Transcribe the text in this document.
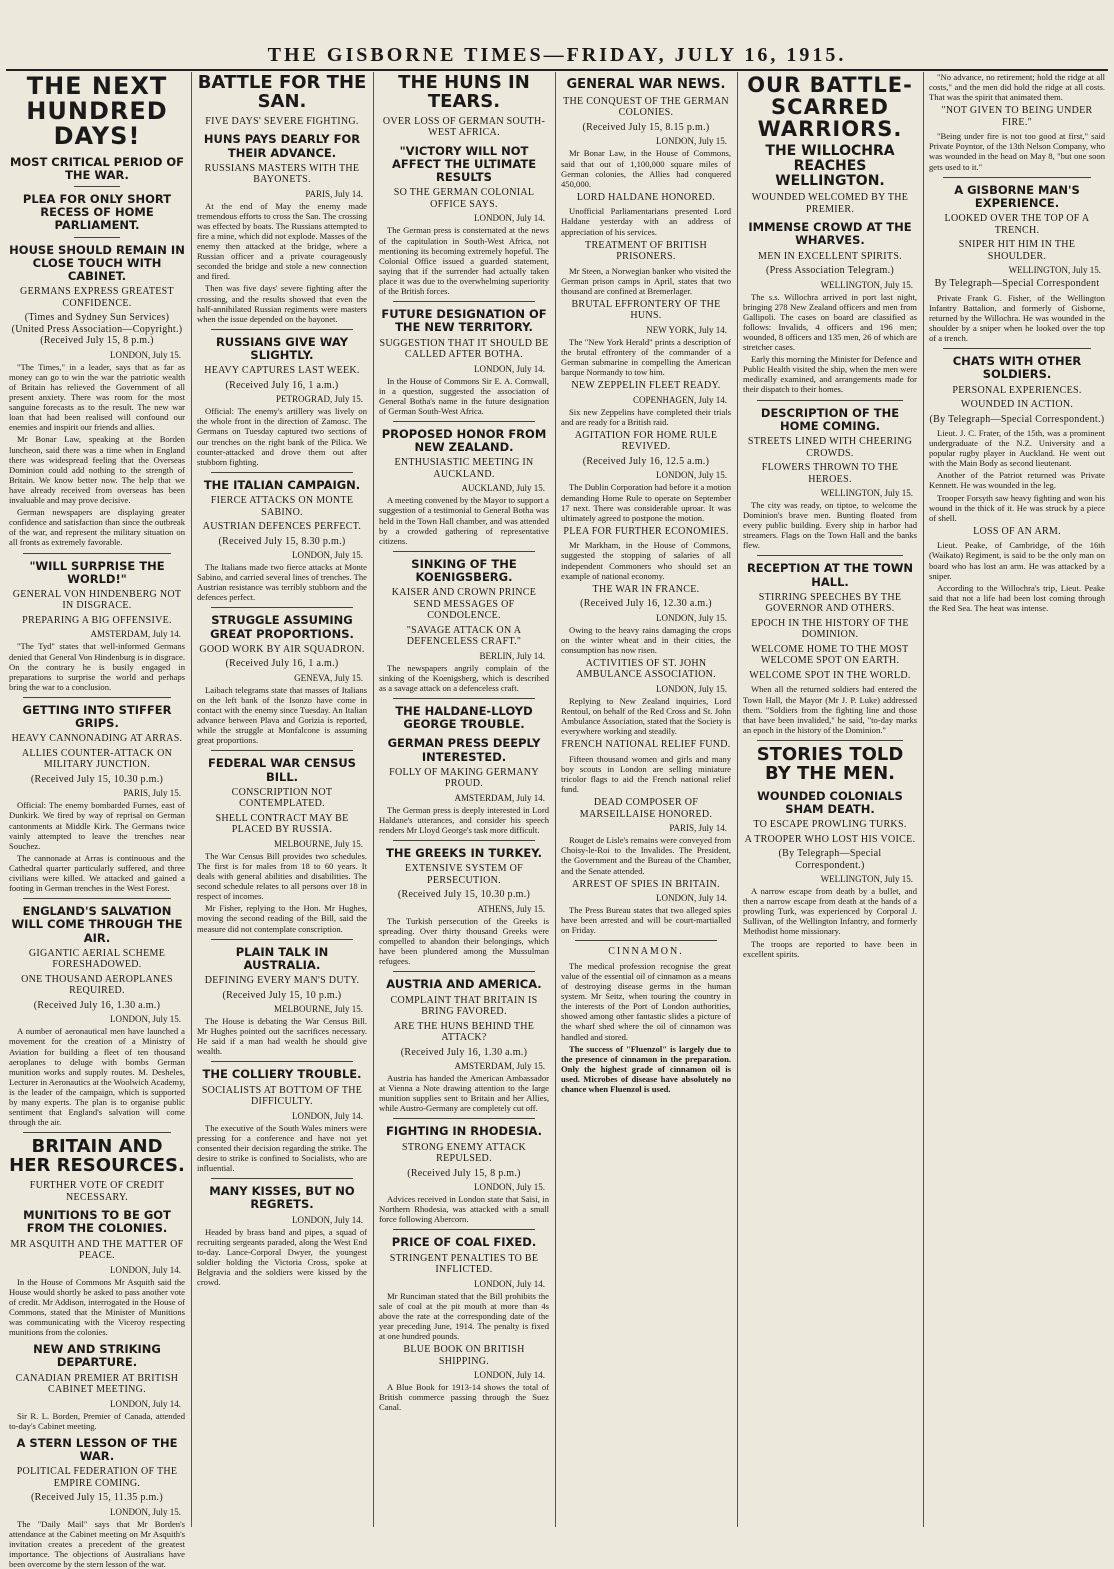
THE GISBORNE TIMES—FRIDAY, JULY 16, 1915.
THE NEXT HUNDRED DAYS!
MOST CRITICAL PERIOD OF THE WAR.
PLEA FOR ONLY SHORT RECESS OF HOME PARLIAMENT.
HOUSE SHOULD REMAIN IN CLOSE TOUCH WITH CABINET.
GERMANS EXPRESS GREATEST CONFIDENCE.
(Times and Sydney Sun Services) (United Press Association—Copyright.) (Received July 15, 8 p.m.)
LONDON, July 15.

"The Times," in a leader, says that as far as money can go to win the war the patriotic wealth of Britain has relieved the Government of all present anxiety. There was room for the most sanguine forecasts as to the result. The new war loan that had been realised will confound our enemies and inspirit our friends and allies.

Mr Bonar Law, speaking at the Borden luncheon, said there was a time when in England there was widespread feeling that the Overseas Dominion could add nothing to the strength of Britain. We know better now. The help that we have already received from overseas has been invaluable and may prove decisive.

German newspapers are displaying greater confidence and satisfaction than since the outbreak of the war, and represent the military situation on all fronts as extremely favorable.

"WILL SURPRISE THE WORLD!"
GENERAL VON HINDENBERG NOT IN DISGRACE.
PREPARING A BIG OFFENSIVE.
AMSTERDAM, July 14.

"The Tyd" states that well-informed Germans denied that General Von Hindenburg is in disgrace. On the contrary he is busily engaged in preparations to surprise the world and perhaps bring the war to a conclusion.

GETTING INTO STIFFER GRIPS.
HEAVY CANNONADING AT ARRAS.
ALLIES COUNTER-ATTACK ON MILITARY JUNCTION.
(Received July 15, 10.30 p.m.)
PARIS, July 15.

Official: The enemy bombarded Furnes, east of Dunkirk. We fired by way of reprisal on German cantonments at Middle Kirk. The Germans twice vainly attempted to leave the trenches near Souchez.

The cannonade at Arras is continuous and the Cathedral quarter particularly suffered, and three civilians were killed. We attacked and gained a footing in German trenches in the West Forest.

ENGLAND'S SALVATION WILL COME THROUGH THE AIR.
GIGANTIC AERIAL SCHEME FORESHADOWED.
ONE THOUSAND AEROPLANES REQUIRED.
(Received July 16, 1.30 a.m.)
LONDON, July 15.

A number of aeronautical men have launched a movement for the creation of a Ministry of Aviation for building a fleet of ten thousand aeroplanes to deluge with bombs German munition works and supply routes. M. Desheles, Lecturer in Aeronautics at the Woolwich Academy, is the leader of the campaign, which is supported by many experts. The plan is to organise public sentiment that England's salvation will come through the air.

BRITAIN AND HER RESOURCES.
FURTHER VOTE OF CREDIT NECESSARY.
MUNITIONS TO BE GOT FROM THE COLONIES.
MR ASQUITH AND THE MATTER OF PEACE.
LONDON, July 14.

In the House of Commons Mr Asquith said the House would shortly be asked to pass another vote of credit. Mr Addison, interrogated in the House of Commons, stated that the Minister of Munitions was communicating with the Viceroy respecting munitions from the colonies.

NEW AND STRIKING DEPARTURE.
CANADIAN PREMIER AT BRITISH CABINET MEETING.
LONDON, July 14.

Sir R. L. Borden, Premier of Canada, attended to-day's Cabinet meeting.

A STERN LESSON OF THE WAR.
POLITICAL FEDERATION OF THE EMPIRE COMING.
(Received July 15, 11.35 p.m.)
LONDON, July 15.

The "Daily Mail" says that Mr Borden's attendance at the Cabinet meeting on Mr Asquith's invitation creates a precedent of the greatest importance. The objections of Australians have been overcome by the stern lesson of the war.

BATTLE FOR THE SAN.
FIVE DAYS' SEVERE FIGHTING.
HUNS PAYS DEARLY FOR THEIR ADVANCE.
RUSSIANS MASTERS WITH THE BAYONETS.
PARIS, July 14.

At the end of May the enemy made tremendous efforts to cross the San. The crossing was effected by boats. The Russians attempted to fire a mine, which did not explode. Masses of the enemy then attacked at the bridge, where a Russian officer and a private courageously seconded the bridge and stole a new connection and fired.

Then was five days' severe fighting after the crossing, and the results showed that even the half-annihilated Russian regiments were masters when the issue depended on the bayonet.

RUSSIANS GIVE WAY SLIGHTLY.
HEAVY CAPTURES LAST WEEK.
(Received July 16, 1 a.m.)
PETROGRAD, July 15.

Official: The enemy's artillery was lively on the whole front in the direction of Zamosc. The Germans on Tuesday captured two sections of our trenches on the right bank of the Pilica. We counter-attacked and drove them out after stubborn fighting.

THE ITALIAN CAMPAIGN.
FIERCE ATTACKS ON MONTE SABINO.
AUSTRIAN DEFENCES PERFECT.
(Received July 15, 8.30 p.m.)
LONDON, July 15.

The Italians made two fierce attacks at Monte Sabino, and carried several lines of trenches. The Austrian resistance was terribly stubborn and the defences perfect.

STRUGGLE ASSUMING GREAT PROPORTIONS.
GOOD WORK BY AIR SQUADRON.
(Received July 16, 1 a.m.)
GENEVA, July 15.

Laibach telegrams state that masses of Italians on the left bank of the Isonzo have come in contact with the enemy since Tuesday. An Italian advance between Plava and Gorizia is reported, while the struggle at Monfalcone is assuming great proportions.

FEDERAL WAR CENSUS BILL.
CONSCRIPTION NOT CONTEMPLATED.
SHELL CONTRACT MAY BE PLACED BY RUSSIA.
MELBOURNE, July 15.

The War Census Bill provides two schedules. The first is for males from 18 to 60 years. It deals with general abilities and disabilities. The second schedule relates to all persons over 18 in respect of incomes.

Mr Fisher, replying to the Hon. Mr Hughes, moving the second reading of the Bill, said the measure did not contemplate conscription.

PLAIN TALK IN AUSTRALIA.
DEFINING EVERY MAN'S DUTY.
(Received July 15, 10 p.m.)
MELBOURNE, July 15.

The House is debating the War Census Bill. Mr Hughes pointed out the sacrifices necessary. He said if a man had wealth he should give wealth.

THE COLLIERY TROUBLE.
SOCIALISTS AT BOTTOM OF THE DIFFICULTY.
LONDON, July 14.

The executive of the South Wales miners were pressing for a conference and have not yet consented their decision regarding the strike. The desire to strike is confined to Socialists, who are influential.

MANY KISSES, BUT NO REGRETS.
LONDON, July 14.

Headed by brass band and pipes, a squad of recruiting sergeants paraded, along the West End to-day. Lance-Corporal Dwyer, the youngest soldier holding the Victoria Cross, spoke at Belgravia and the soldiers were kissed by the crowd.

THE HUNS IN TEARS.
OVER LOSS OF GERMAN SOUTH-WEST AFRICA.
"VICTORY WILL NOT AFFECT THE ULTIMATE RESULTS
SO THE GERMAN COLONIAL OFFICE SAYS.
LONDON, July 14.

The German press is consternated at the news of the capitulation in South-West Africa, not mentioning its becoming extremely hopeful. The Colonial Office issued a guarded statement, saying that if the surrender had actually taken place it was due to the overwhelming superiority of the British forces.

FUTURE DESIGNATION OF THE NEW TERRITORY.
SUGGESTION THAT IT SHOULD BE CALLED AFTER BOTHA.
LONDON, July 14.

In the House of Commons Sir E. A. Cornwall, in a question, suggested the association of General Botha's name in the future designation of German South-West Africa.

PROPOSED HONOR FROM NEW ZEALAND.
ENTHUSIASTIC MEETING IN AUCKLAND.
AUCKLAND, July 15.

A meeting convened by the Mayor to support a suggestion of a testimonial to General Botha was held in the Town Hall chamber, and was attended by a crowded gathering of representative citizens.

SINKING OF THE KOENIGSBERG.
KAISER AND CROWN PRINCE SEND MESSAGES OF CONDOLENCE.
"SAVAGE ATTACK ON A DEFENCELESS CRAFT."
BERLIN, July 14.

The newspapers angrily complain of the sinking of the Koenigsberg, which is described as a savage attack on a defenceless craft.

THE HALDANE-LLOYD GEORGE TROUBLE.
GERMAN PRESS DEEPLY INTERESTED.
FOLLY OF MAKING GERMANY PROUD.
AMSTERDAM, July 14.

The German press is deeply interested in Lord Haldane's utterances, and consider his speech renders Mr Lloyd George's task more difficult.

THE GREEKS IN TURKEY.
EXTENSIVE SYSTEM OF PERSECUTION.
(Received July 15, 10.30 p.m.)
ATHENS, July 15.

The Turkish persecution of the Greeks is spreading. Over thirty thousand Greeks were compelled to abandon their belongings, which have been plundered among the Mussulman refugees.

AUSTRIA AND AMERICA.
COMPLAINT THAT BRITAIN IS BRING FAVORED.
ARE THE HUNS BEHIND THE ATTACK?
(Received July 16, 1.30 a.m.)
AMSTERDAM, July 15.

Austria has handed the American Ambassador at Vienna a Note drawing attention to the large munition supplies sent to Britain and her Allies, while Austro-Germany are completely cut off.

FIGHTING IN RHODESIA.
STRONG ENEMY ATTACK REPULSED.
(Received July 15, 8 p.m.)
LONDON, July 15.

Advices received in London state that Saisi, in Northern Rhodesia, was attacked with a small force following Abercorn.

PRICE OF COAL FIXED.
STRINGENT PENALTIES TO BE INFLICTED.
LONDON, July 14.

Mr Runciman stated that the Bill prohibits the sale of coal at the pit mouth at more than 4s above the rate at the corresponding date of the year preceding June, 1914. The penalty is fixed at one hundred pounds.

BLUE BOOK ON BRITISH SHIPPING.
LONDON, July 14.

A Blue Book for 1913-14 shows the total of British commerce passing through the Suez Canal.

GENERAL WAR NEWS.
THE CONQUEST OF THE GERMAN COLONIES.
(Received July 15, 8.15 p.m.)
LONDON, July 15.

Mr Bonar Law, in the House of Commons, said that out of 1,100,000 square miles of German colonies, the Allies had conquered 450,000.

LORD HALDANE HONORED.

Unofficial Parliamentarians presented Lord Haldane yesterday with an address of appreciation of his services.

TREATMENT OF BRITISH PRISONERS.

Mr Steen, a Norwegian banker who visited the German prison camps in April, states that two thousand are confined at Bremerlager.

BRUTAL EFFRONTERY OF THE HUNS.
NEW YORK, July 14.

The "New York Herald" prints a description of the brutal effrontery of the commander of a German submarine in compelling the American barque Normandy to tow him.

NEW ZEPPELIN FLEET READY.
COPENHAGEN, July 14.

Six new Zeppelins have completed their trials and are ready for a British raid.

AGITATION FOR HOME RULE REVIVED.
(Received July 16, 12.5 a.m.)
LONDON, July 15.

The Dublin Corporation had before it a motion demanding Home Rule to operate on September 17 next. There was considerable uproar. It was ultimately agreed to postpone the motion.

PLEA FOR FURTHER ECONOMIES.

Mr Markham, in the House of Commons, suggested the stopping of salaries of all independent Commoners who should set an example of national economy.

THE WAR IN FRANCE.
(Received July 16, 12.30 a.m.)
LONDON, July 15.

Owing to the heavy rains damaging the crops on the winter wheat and in their cities, the consumption has now risen.

ACTIVITIES OF ST. JOHN AMBULANCE ASSOCIATION.
LONDON, July 15.

Replying to New Zealand inquiries, Lord Rentoul, on behalf of the Red Cross and St. John Ambulance Association, stated that the Society is everywhere working and steadily.

FRENCH NATIONAL RELIEF FUND.

Fifteen thousand women and girls and many boy scouts in London are selling miniature tricolor flags to aid the French national relief fund.

DEAD COMPOSER OF MARSEILLAISE HONORED.
PARIS, July 14.

Rouget de Lisle's remains were conveyed from Choisy-le-Roi to the Invalides. The President, the Government and the Bureau of the Chamber, and the Senate attended.

ARREST OF SPIES IN BRITAIN.
LONDON, July 14.

The Press Bureau states that two alleged spies have been arrested and will be court-martialled on Friday.

CINNAMON.

The medical profession recognise the great value of the essential oil of cinnamon as a means of destroying disease germs in the human system. Mr Seitz, when touring the country in the interests of the Port of London authorities, showed among other fantastic slides a picture of the wharf shed where the oil of cinnamon was handled and stored.

The success of "Fluenzol" is largely due to the presence of cinnamon in the preparation. Only the highest grade of cinnamon oil is used. Microbes of disease have absolutely no chance when Fluenzol is used.

OUR BATTLE-SCARRED WARRIORS.
THE WILLOCHRA REACHES WELLINGTON.
WOUNDED WELCOMED BY THE PREMIER.
IMMENSE CROWD AT THE WHARVES.
MEN IN EXCELLENT SPIRITS.
(Press Association Telegram.)
WELLINGTON, July 15.

The s.s. Willochra arrived in port last night, bringing 278 New Zealand officers and men from Gallipoli. The cases on board are classified as follows: Invalids, 4 officers and 196 men; wounded, 8 officers and 135 men, 26 of which are stretcher cases.

Early this morning the Minister for Defence and Public Health visited the ship, when the men were medically examined, and arrangements made for their dispatch to their homes.

DESCRIPTION OF THE HOME COMING.
STREETS LINED WITH CHEERING CROWDS.
FLOWERS THROWN TO THE HEROES.
WELLINGTON, July 15.

The city was ready, on tiptoe, to welcome the Dominion's brave men. Bunting floated from every public building. Every ship in harbor had streamers. Flags on the Town Hall and the banks flew.

RECEPTION AT THE TOWN HALL.
STIRRING SPEECHES BY THE GOVERNOR AND OTHERS.
EPOCH IN THE HISTORY OF THE DOMINION.
WELCOME HOME TO THE MOST WELCOME SPOT ON EARTH.
WELCOME SPOT IN THE WORLD.

When all the returned soldiers had entered the Town Hall, the Mayor (Mr J. P. Luke) addressed them. "Soldiers from the fighting line and those that have been invalided," he said, "to-day marks an epoch in the history of the Dominion."

STORIES TOLD BY THE MEN.
WOUNDED COLONIALS SHAM DEATH.
TO ESCAPE PROWLING TURKS.
A TROOPER WHO LOST HIS VOICE.
(By Telegraph—Special Correspondent.)
WELLINGTON, July 15.

A narrow escape from death by a bullet, and then a narrow escape from death at the hands of a prowling Turk, was experienced by Corporal J. Sullivan, of the Wellington Infantry, and formerly Methodist home missionary.

The troops are reported to have been in excellent spirits.

"No advance, no retirement; hold the ridge at all costs," and the men did hold the ridge at all costs. That was the spirit that animated them.

"NOT GIVEN TO BEING UNDER FIRE."

"Being under fire is not too good at first," said Private Poyntor, of the 13th Nelson Company, who was wounded in the head on May 8, "but one soon gets used to it."

A GISBORNE MAN'S EXPERIENCE.
LOOKED OVER THE TOP OF A TRENCH.
SNIPER HIT HIM IN THE SHOULDER.
WELLINGTON, July 15.
By Telegraph—Special Correspondent

Private Frank G. Fisher, of the Wellington Infantry Battalion, and formerly of Gisborne, returned by the Willochra. He was wounded in the shoulder by a sniper when he looked over the top of a trench.

CHATS WITH OTHER SOLDIERS.
PERSONAL EXPERIENCES.
WOUNDED IN ACTION.
(By Telegraph—Special Correspondent.)

Lieut. J. C. Frater, of the 15th, was a prominent undergraduate of the N.Z. University and a popular rugby player in Auckland. He went out with the Main Body as second lieutenant.

Another of the Patriot returned was Private Kennett. He was wounded in the leg.

Trooper Forsyth saw heavy fighting and won his wound in the thick of it. He was struck by a piece of shell.

LOSS OF AN ARM.

Lieut. Peake, of Cambridge, of the 16th (Waikato) Regiment, is said to be the only man on board who has lost an arm. He was attacked by a sniper.

According to the Willochra's trip, Lieut. Peake said that not a life had been lost coming through the Red Sea. The heat was intense.
